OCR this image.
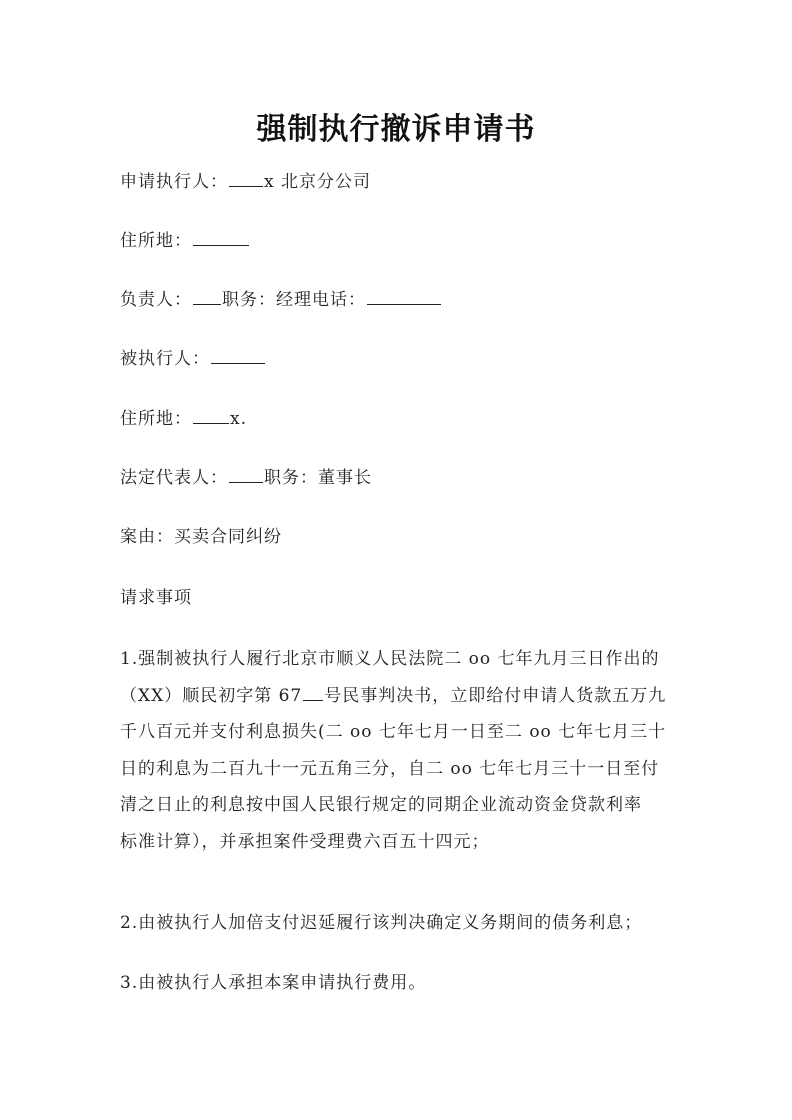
强制执行撤诉申请书
申请执行人： x 北京分公司
住所地：
负责人： 职务：经理电话：
被执行人：
住所地： x.
法定代表人： 职务：董事长
案由：买卖合同纠纷
请求事项
1.强制被执行人履行北京市顺义人民法院二 oo 七年九月三日作出的
（XX）顺民初字第 67 号民事判决书，立即给付申请人货款五万九
千八百元并支付利息损失(二 oo 七年七月一日至二 oo 七年七月三十
日的利息为二百九十一元五角三分，自二 oo 七年七月三十一日至付
清之日止的利息按中国人民银行规定的同期企业流动资金贷款利率
标准计算），并承担案件受理费六百五十四元；
2.由被执行人加倍支付迟延履行该判决确定义务期间的债务利息；
3.由被执行人承担本案申请执行费用。
